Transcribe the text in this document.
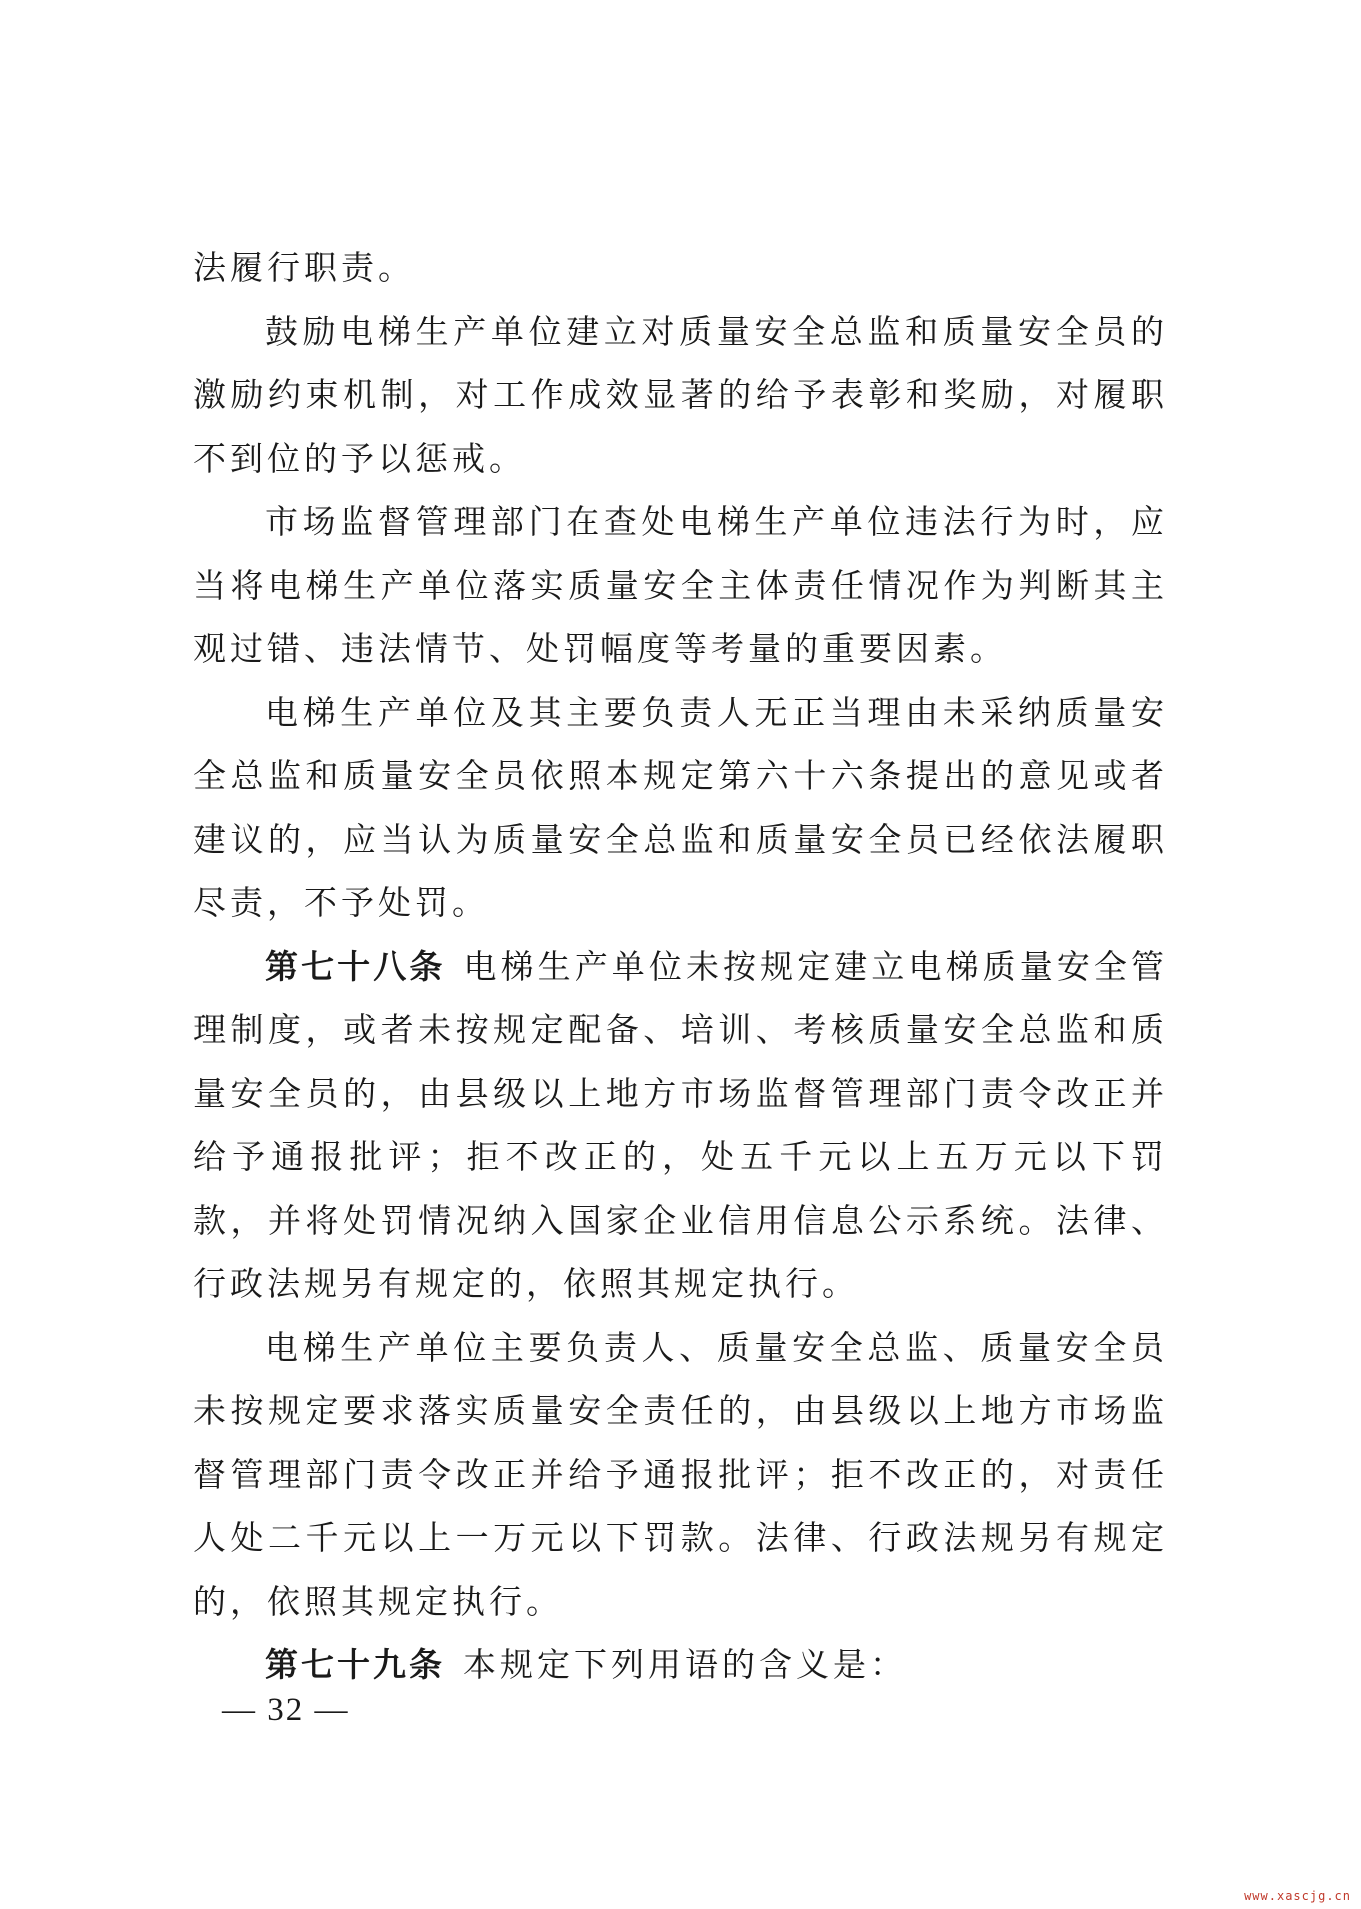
法履行职责。

鼓励电梯生产单位建立对质量安全总监和质量安全员的激励约束机制，对工作成效显著的给予表彰和奖励，对履职不到位的予以惩戒。

市场监督管理部门在查处电梯生产单位违法行为时，应当将电梯生产单位落实质量安全主体责任情况作为判断其主观过错、违法情节、处罚幅度等考量的重要因素。

电梯生产单位及其主要负责人无正当理由未采纳质量安全总监和质量安全员依照本规定第六十六条提出的意见或者建议的，应当认为质量安全总监和质量安全员已经依法履职尽责，不予处罚。

第七十八条 电梯生产单位未按规定建立电梯质量安全管理制度，或者未按规定配备、培训、考核质量安全总监和质量安全员的，由县级以上地方市场监督管理部门责令改正并给予通报批评；拒不改正的，处五千元以上五万元以下罚款，并将处罚情况纳入国家企业信用信息公示系统。法律、行政法规另有规定的，依照其规定执行。

电梯生产单位主要负责人、质量安全总监、质量安全员未按规定要求落实质量安全责任的，由县级以上地方市场监督管理部门责令改正并给予通报批评；拒不改正的，对责任人处二千元以上一万元以下罚款。法律、行政法规另有规定的，依照其规定执行。

第七十九条 本规定下列用语的含义是：

— 32 —
www.xascjg.cn
